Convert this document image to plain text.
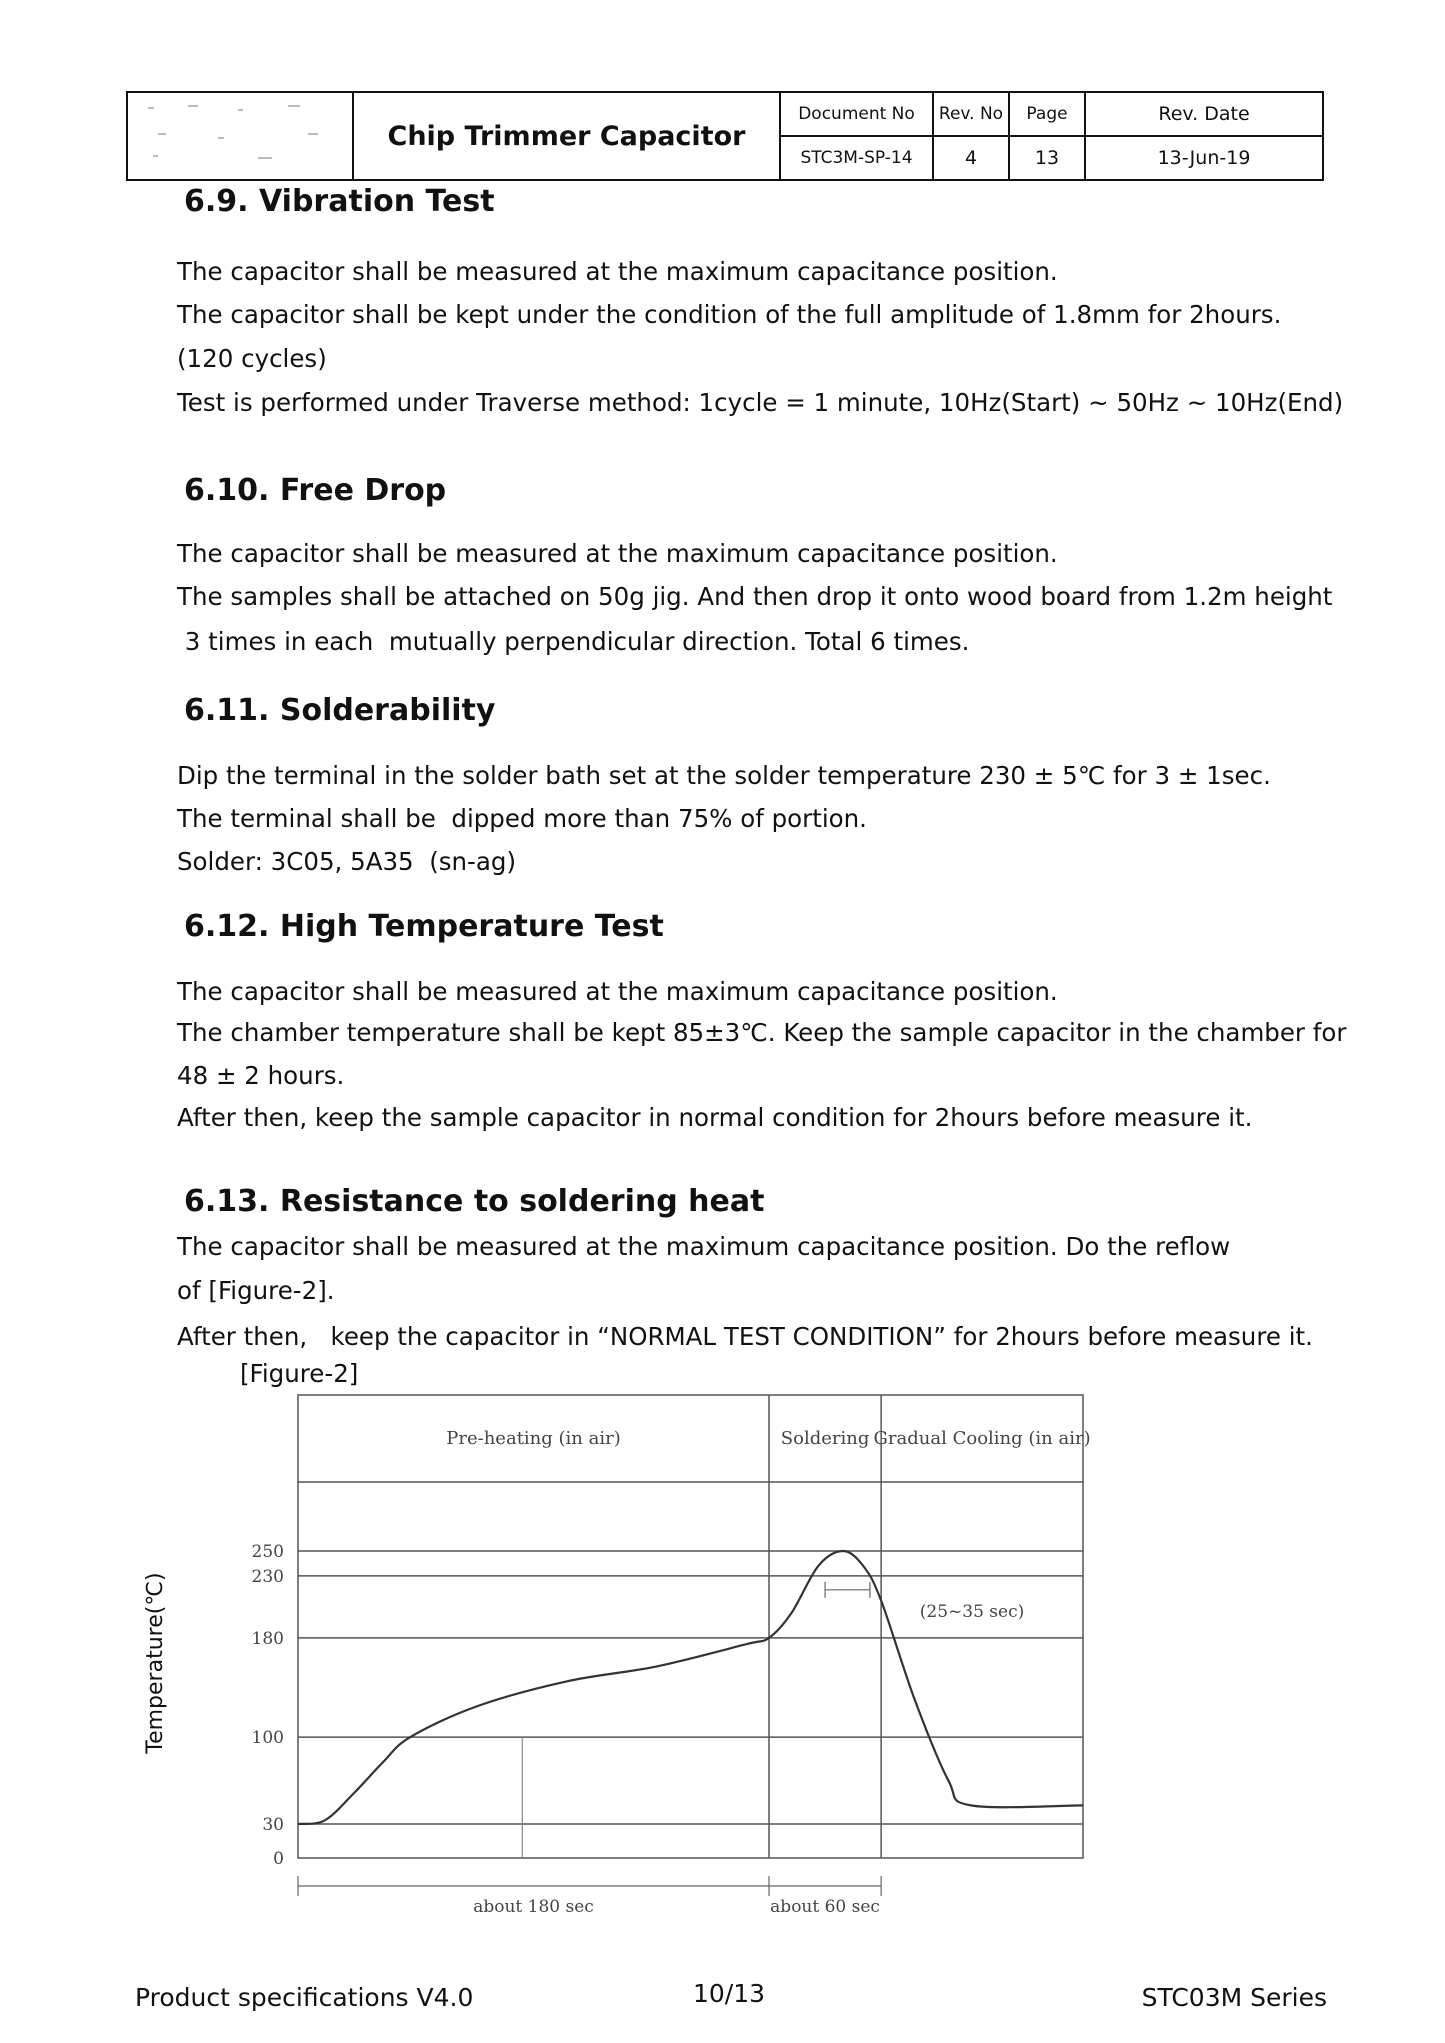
	Chip Trimmer Capacitor	Document No	Rev. No	Page	Rev. Date
		STC3M-SP-14	4	13	13-Jun-19
6.9. Vibration Test

The capacitor shall be measured at the maximum capacitance position.

The capacitor shall be kept under the condition of the full amplitude of 1.8mm for 2hours.

(120 cycles)

Test is performed under Traverse method: 1cycle = 1 minute, 10Hz(Start) ~ 50Hz ~ 10Hz(End)

6.10. Free Drop

The capacitor shall be measured at the maximum capacitance position.

The samples shall be attached on 50g jig. And then drop it onto wood board from 1.2m height

3 times in each  mutually perpendicular direction. Total 6 times.

6.11. Solderability

Dip the terminal in the solder bath set at the solder temperature 230 ± 5℃ for 3 ± 1sec.

The terminal shall be  dipped more than 75% of portion.

Solder: 3C05, 5A35  (sn-ag)

6.12. High Temperature Test

The capacitor shall be measured at the maximum capacitance position.

The chamber temperature shall be kept 85±3℃. Keep the sample capacitor in the chamber for

48 ± 2 hours.

After then, keep the sample capacitor in normal condition for 2hours before measure it.

6.13. Resistance to soldering heat

The capacitor shall be measured at the maximum capacitance position. Do the reflow

of [Figure-2].

After then,   keep the capacitor in “NORMAL TEST CONDITION” for 2hours before measure it.

[Figure-2]
Temperature(℃)
Pre-heating (in air)	Soldering Gradual Cooling (in air)
250
230
180
100
30
0
(25~35 sec)
about 180 sec	about 60 sec
Product specifications V4.0	10/13	STC03M Series
